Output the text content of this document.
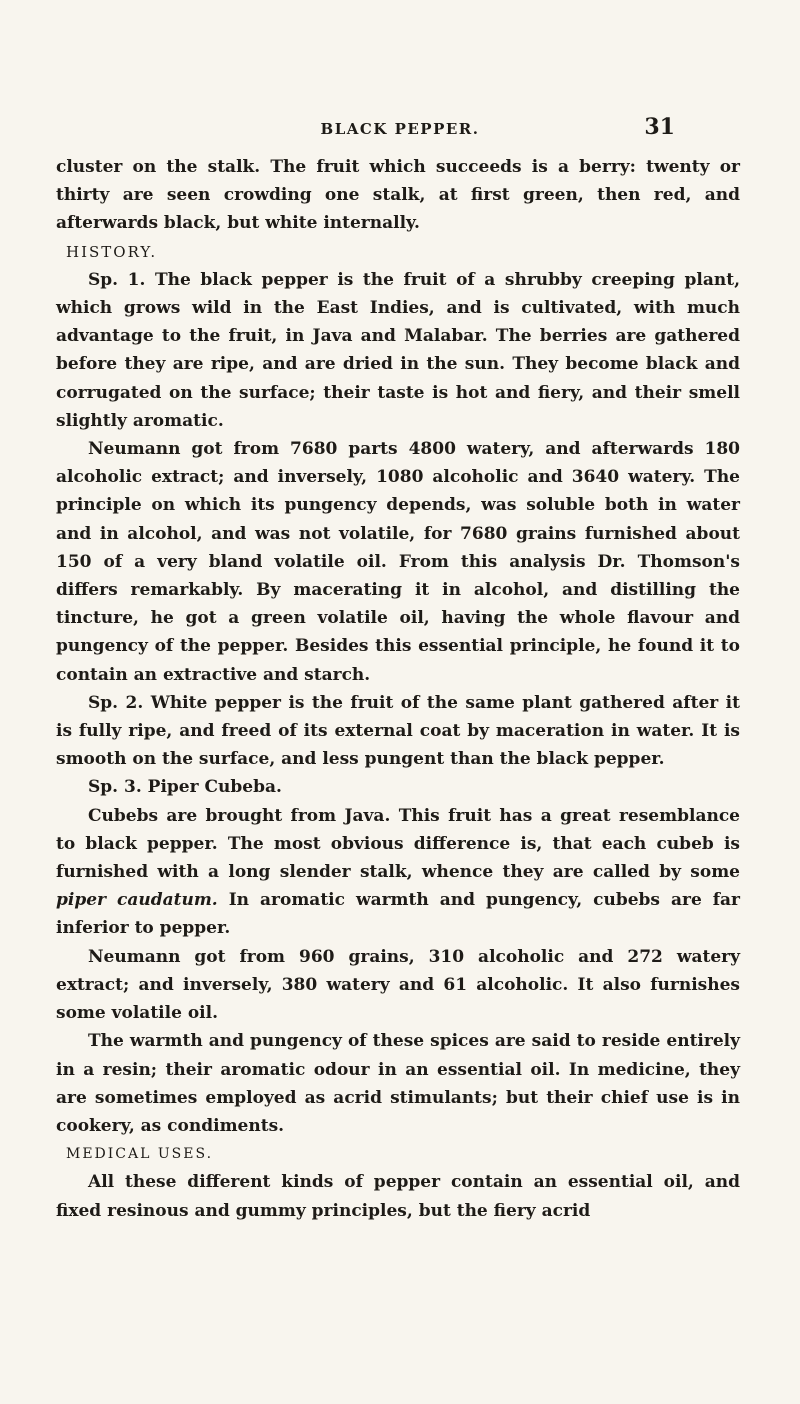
BLACK PEPPER.	31

cluster on the stalk. The fruit which succeeds is a berry: twenty or thirty are seen crowding one stalk, at first green, then red, and afterwards black, but white internally.

HISTORY.

Sp. 1. The black pepper is the fruit of a shrubby creeping plant, which grows wild in the East Indies, and is cultivated, with much advantage to the fruit, in Java and Malabar. The berries are gathered before they are ripe, and are dried in the sun. They become black and corrugated on the surface; their taste is hot and fiery, and their smell slightly aromatic.

Neumann got from 7680 parts 4800 watery, and afterwards 180 alcoholic extract; and inversely, 1080 alcoholic and 3640 watery. The principle on which its pungency depends, was soluble both in water and in alcohol, and was not volatile, for 7680 grains furnished about 150 of a very bland volatile oil. From this analysis Dr. Thomson's differs remarkably. By macerating it in alcohol, and distilling the tincture, he got a green volatile oil, having the whole flavour and pungency of the pepper. Besides this essential principle, he found it to contain an extractive and starch.

Sp. 2. White pepper is the fruit of the same plant gathered after it is fully ripe, and freed of its external coat by maceration in water. It is smooth on the surface, and less pungent than the black pepper.

Sp. 3. Piper Cubeba.

Cubebs are brought from Java. This fruit has a great resemblance to black pepper. The most obvious difference is, that each cubeb is furnished with a long slender stalk, whence they are called by some piper caudatum. In aromatic warmth and pungency, cubebs are far inferior to pepper.

Neumann got from 960 grains, 310 alcoholic and 272 watery extract; and inversely, 380 watery and 61 alcoholic. It also furnishes some volatile oil.

The warmth and pungency of these spices are said to reside entirely in a resin; their aromatic odour in an essential oil. In medicine, they are sometimes employed as acrid stimulants; but their chief use is in cookery, as condiments.

MEDICAL USES.

All these different kinds of pepper contain an essential oil, and fixed resinous and gummy principles, but the fiery acrid
